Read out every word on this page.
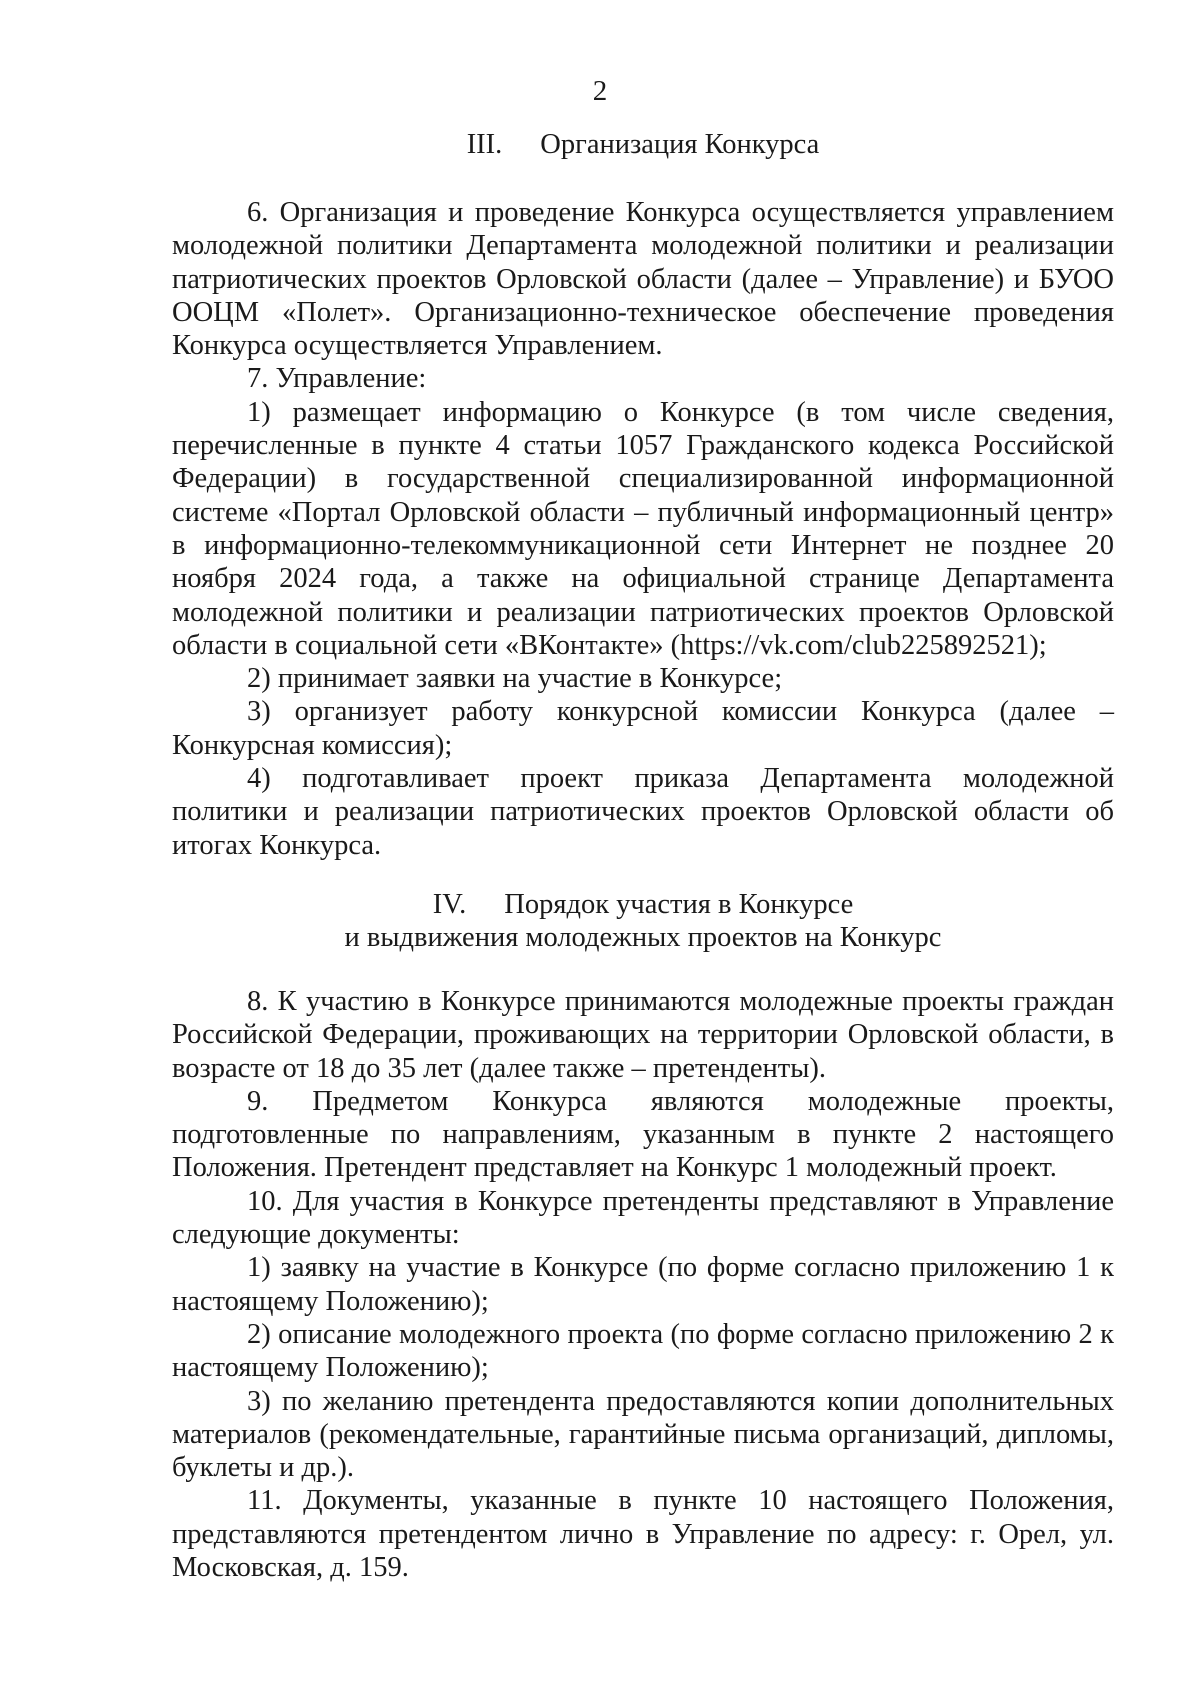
2

III. Организация Конкурса

6. Организация и проведение Конкурса осуществляется управлением молодежной политики Департамента молодежной политики и реализации патриотических проектов Орловской области (далее – Управление) и БУОО ООЦМ «Полет». Организационно-техническое обеспечение проведения Конкурса осуществляется Управлением.

7. Управление:

1) размещает информацию о Конкурсе (в том числе сведения, перечисленные в пункте 4 статьи 1057 Гражданского кодекса Российской Федерации) в государственной специализированной информационной системе «Портал Орловской области – публичный информационный центр» в информационно-телекоммуникационной сети Интернет не позднее 20 ноября 2024 года, а также на официальной странице Департамента молодежной политики и реализации патриотических проектов Орловской области в социальной сети «ВКонтакте» (https://vk.com/club225892521);

2) принимает заявки на участие в Конкурсе;

3) организует работу конкурсной комиссии Конкурса (далее – Конкурсная комиссия);

4) подготавливает проект приказа Департамента молодежной политики и реализации патриотических проектов Орловской области об итогах Конкурса.

IV. Порядок участия в Конкурсе

и выдвижения молодежных проектов на Конкурс

8. К участию в Конкурсе принимаются молодежные проекты граждан Российской Федерации, проживающих на территории Орловской области, в возрасте от 18 до 35 лет (далее также – претенденты).

9. Предметом Конкурса являются молодежные проекты, подготовленные по направлениям, указанным в пункте 2 настоящего Положения. Претендент представляет на Конкурс 1 молодежный проект.

10. Для участия в Конкурсе претенденты представляют в Управление следующие документы:

1) заявку на участие в Конкурсе (по форме согласно приложению 1 к настоящему Положению);

2) описание молодежного проекта (по форме согласно приложению 2 к настоящему Положению);

3) по желанию претендента предоставляются копии дополнительных материалов (рекомендательные, гарантийные письма организаций, дипломы, буклеты и др.).

11. Документы, указанные в пункте 10 настоящего Положения, представляются претендентом лично в Управление по адресу: г. Орел, ул. Московская, д. 159.
